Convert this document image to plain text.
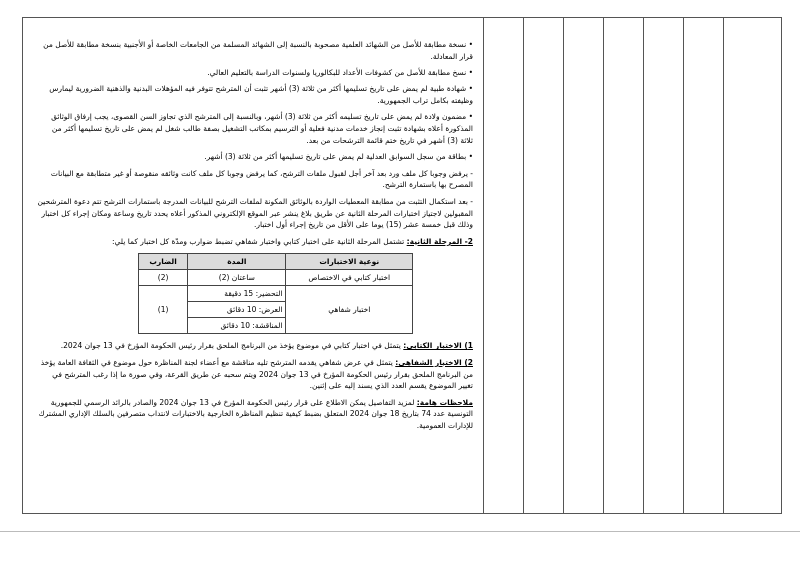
• نسخة مطابقة للأصل من الشهائد العلمية مصحوبة بالنسبة إلى الشهائد المسلمة من الجامعات الخاصة أو الأجنبية بنسخة مطابقة للأصل من قرار المعادلة.

• نسخ مطابقة للأصل من كشوفات الأعداد للبكالوريا ولسنوات الدراسة بالتعليم العالي.

• شهادة طبية لم يمض على تاريخ تسليمها أكثر من ثلاثة (3) أشهر تثبت أن المترشح تتوفر فيه المؤهلات البدنية والذهنية الضرورية ليمارس وظيفته بكامل تراب الجمهورية.

• مضمون ولادة لم يمض على تاريخ تسليمه أكثر من ثلاثة (3) أشهر، وبالنسبة إلى المترشح الذي تجاوز السن القصوى، يجب إرفاق الوثائق المذكورة أعلاه بشهادة تثبت إنجاز خدمات مدنية فعلية أو الترسيم بمكاتب التشغيل بصفة طالب شغل لم يمض على تاريخ تسليمها أكثر من ثلاثة (3) أشهر في تاريخ ختم قائمة الترشحات من بعد.

• بطاقة من سجل السوابق العدلية لم يمض على تاريخ تسليمها أكثر من ثلاثة (3) أشهر.

- يرفض وجوبا كل ملف ورد بعد آخر أجل لقبول ملفات الترشح، كما يرفض وجوبا كل ملف كانت وثائقه منقوصة أو غير متطابقة مع البيانات المصرح بها باستمارة الترشح.

- بعد استكمال التثبت من مطابقة المعطيات الواردة بالوثائق المكونة لملفات الترشح للبيانات المدرجة باستمارات الترشح تتم دعوة المترشحين المقبولين لاجتياز اختبارات المرحلة الثانية عن طريق بلاغ ينشر عبر الموقع الإلكتروني المذكور أعلاه يحدد تاريخ وساعة ومكان إجراء كل اختبار وذلك قبل خمسة عشر (15) يوما على الأقل من تاريخ إجراء أول اختبار.

2- المرحلة الثانية: تشتمل المرحلة الثانية على اختبار كتابي واختبار شفاهي تضبط ضوارب ومدّة كل اختبار كما يلي:

نوعية الاختبارات	المدة	الضارب
اختبار كتابي في الاختصاص	ساعتان (2)	(2)
اختبار شفاهي	التحضير: 15 دقيقة	(1)
	العرض: 10 دقائق	
	المناقشة: 10 دقائق	

1) الاختبار الكتابي: يتمثل في اختبار كتابي في موضوع يؤخذ من البرنامج الملحق بقرار رئيس الحكومة المؤرخ في 13 جوان 2024.

2) الاختبار الشفاهي: يتمثل في عرض شفاهي يقدمه المترشح تليه مناقشة مع أعضاء لجنة المناظرة حول موضوع في الثقافة العامة يؤخذ من البرنامج الملحق بقرار رئيس الحكومة المؤرخ في 13 جوان 2024 ويتم سحبه عن طريق القرعة، وفي صورة ما إذا رغب المترشح في تغيير الموضوع يقسم العدد الذي يسند إليه على إثنين.

ملاحظات هامة: لمزيد التفاصيل يمكن الاطلاع على قرار رئيس الحكومة المؤرخ في 13 جوان 2024 والصادر بالرائد الرسمي للجمهورية التونسية عدد 74 بتاريخ 18 جوان 2024 المتعلق بضبط كيفية تنظيم المناظرة الخارجية بالاختبارات لانتداب متصرفين بالسلك الإداري المشترك للإدارات العمومية.
